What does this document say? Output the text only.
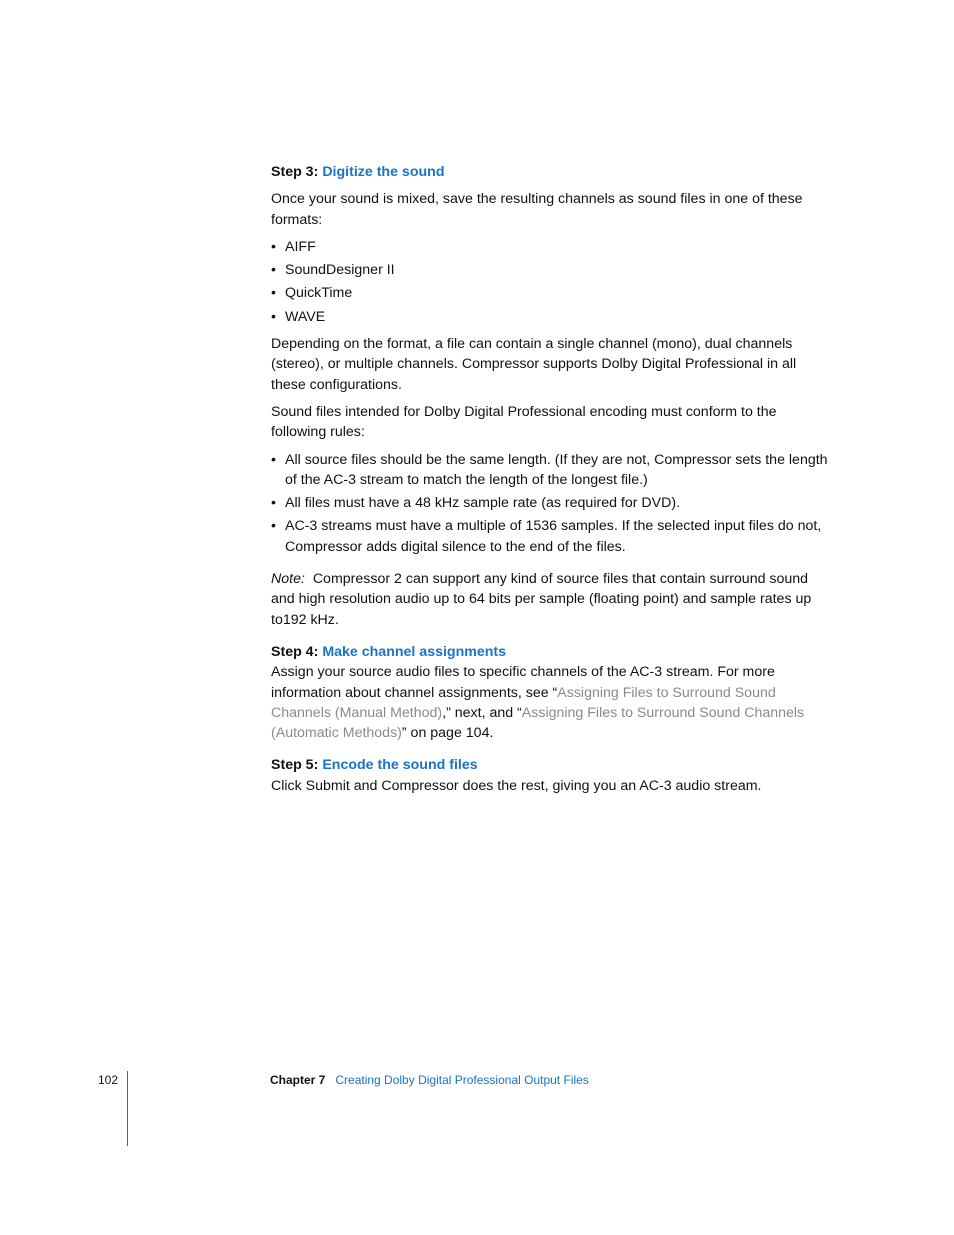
Step 3: Digitize the sound

Once your sound is mixed, save the resulting channels as sound files in one of these formats:

• AIFF
• SoundDesigner II
• QuickTime
• WAVE

Depending on the format, a file can contain a single channel (mono), dual channels (stereo), or multiple channels. Compressor supports Dolby Digital Professional in all these configurations.

Sound files intended for Dolby Digital Professional encoding must conform to the following rules:

• All source files should be the same length. (If they are not, Compressor sets the length of the AC-3 stream to match the length of the longest file.)
• All files must have a 48 kHz sample rate (as required for DVD).
• AC-3 streams must have a multiple of 1536 samples. If the selected input files do not, Compressor adds digital silence to the end of the files.

Note: Compressor 2 can support any kind of source files that contain surround sound and high resolution audio up to 64 bits per sample (floating point) and sample rates up to192 kHz.

Step 4: Make channel assignments

Assign your source audio files to specific channels of the AC-3 stream. For more information about channel assignments, see “Assigning Files to Surround Sound Channels (Manual Method),” next, and “Assigning Files to Surround Sound Channels (Automatic Methods)” on page 104.

Step 5: Encode the sound files

Click Submit and Compressor does the rest, giving you an AC-3 audio stream.

102	Chapter 7 Creating Dolby Digital Professional Output Files
